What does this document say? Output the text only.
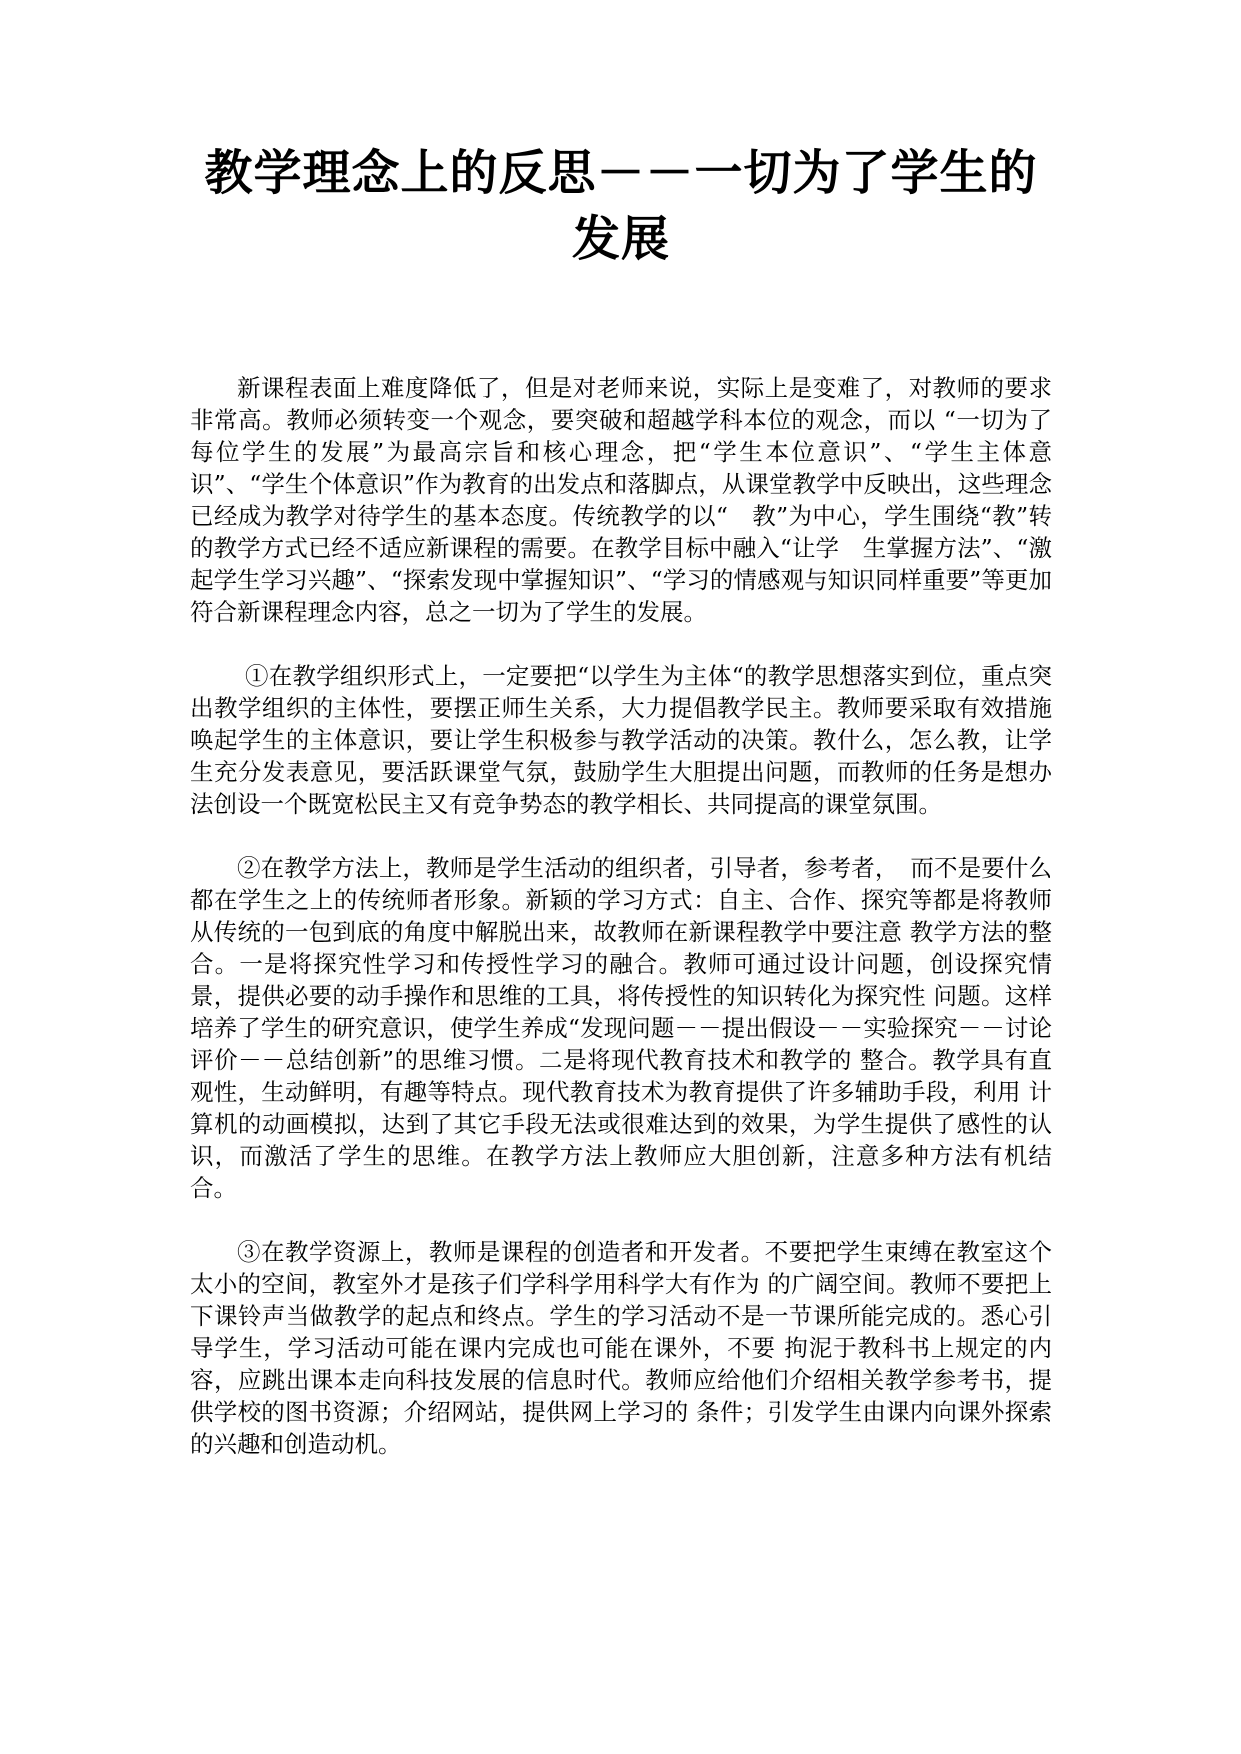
教学理念上的反思－－一切为了学生的发展

新课程表面上难度降低了，但是对老师来说，实际上是变难了，对教师的要求非常高。教师必须转变一个观念，要突破和超越学科本位的观念，而以 “一切为了每位学生的发展”为最高宗旨和核心理念，把“学生本位意识”、“学生主体意识”、“学生个体意识”作为教育的出发点和落脚点，从课堂教学中反映出，这些理念已经成为教学对待学生的基本态度。传统教学的以“　教”为中心，学生围绕“教”转的教学方式已经不适应新课程的需要。在教学目标中融入“让学　生掌握方法”、“激起学生学习兴趣”、“探索发现中掌握知识”、“学习的情感观与知识同样重要”等更加符合新课程理念内容，总之一切为了学生的发展。

①在教学组织形式上，一定要把“以学生为主体“的教学思想落实到位，重点突出教学组织的主体性，要摆正师生关系，大力提倡教学民主。教师要采取有效措施 唤起学生的主体意识，要让学生积极参与教学活动的决策。教什么，怎么教，让学生充分发表意见，要活跃课堂气氛，鼓励学生大胆提出问题，而教师的任务是想办 法创设一个既宽松民主又有竞争势态的教学相长、共同提高的课堂氛围。

②在教学方法上，教师是学生活动的组织者，引导者，参考者，　而不是要什么都在学生之上的传统师者形象。新颖的学习方式：自主、合作、探究等都是将教师从传统的一包到底的角度中解脱出来，故教师在新课程教学中要注意 教学方法的整合。一是将探究性学习和传授性学习的融合。教师可通过设计问题，创设探究情景，提供必要的动手操作和思维的工具，将传授性的知识转化为探究性 问题。这样培养了学生的研究意识，使学生养成“发现问题－－提出假设－－实验探究－－讨论评价－－总结创新”的思维习惯。二是将现代教育技术和教学的 整合。教学具有直观性，生动鲜明，有趣等特点。现代教育技术为教育提供了许多辅助手段，利用 计算机的动画模拟，达到了其它手段无法或很难达到的效果，为学生提供了感性的认识，而激活了学生的思维。在教学方法上教师应大胆创新，注意多种方法有机结 合。

③在教学资源上，教师是课程的创造者和开发者。不要把学生束缚在教室这个太小的空间，教室外才是孩子们学科学用科学大有作为 的广阔空间。教师不要把上下课铃声当做教学的起点和终点。学生的学习活动不是一节课所能完成的。悉心引导学生，学习活动可能在课内完成也可能在课外，不要 拘泥于教科书上规定的内容，应跳出课本走向科技发展的信息时代。教师应给他们介绍相关教学参考书，提供学校的图书资源；介绍网站，提供网上学习的 条件；引发学生由课内向课外探索的兴趣和创造动机。
